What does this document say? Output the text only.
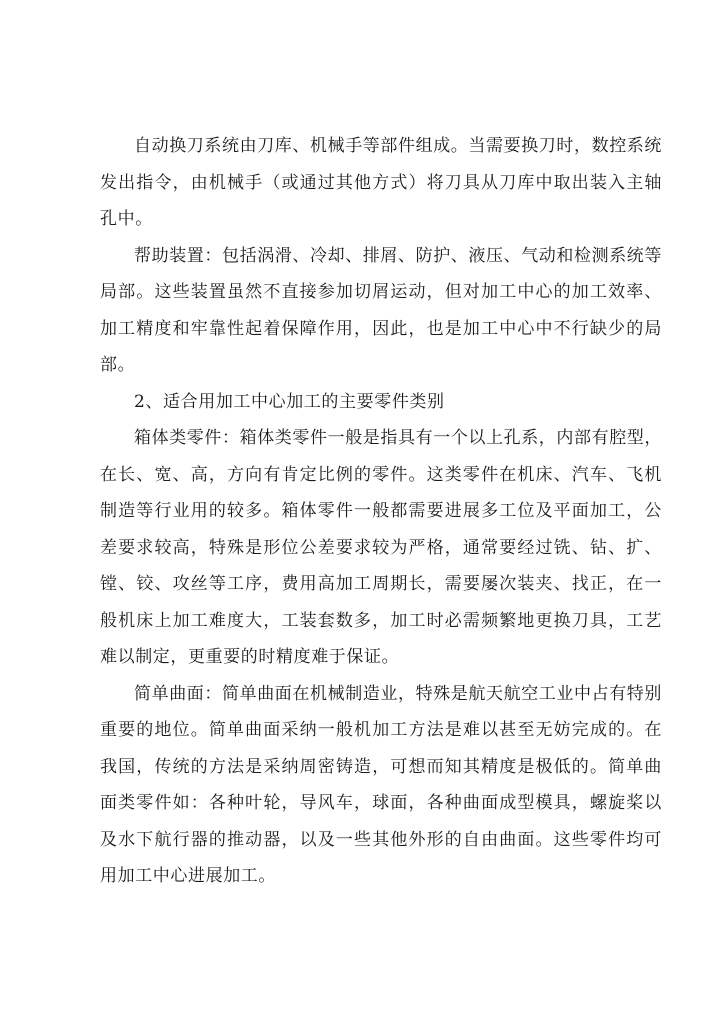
自动换刀系统由刀库、机械手等部件组成。当需要换刀时，数控系统发出指令，由机械手（或通过其他方式）将刀具从刀库中取出装入主轴孔中。

帮助装置：包括涡滑、冷却、排屑、防护、液压、气动和检测系统等局部。这些装置虽然不直接参加切屑运动，但对加工中心的加工效率、加工精度和牢靠性起着保障作用，因此，也是加工中心中不行缺少的局部。

2、适合用加工中心加工的主要零件类别

箱体类零件：箱体类零件一般是指具有一个以上孔系，内部有腔型，在长、宽、高，方向有肯定比例的零件。这类零件在机床、汽车、飞机制造等行业用的较多。箱体零件一般都需要进展多工位及平面加工，公差要求较高，特殊是形位公差要求较为严格，通常要经过铣、钻、扩、镗、铰、攻丝等工序，费用高加工周期长，需要屡次装夹、找正，在一般机床上加工难度大，工装套数多，加工时必需频繁地更换刀具，工艺难以制定，更重要的时精度难于保证。

简单曲面：简单曲面在机械制造业，特殊是航天航空工业中占有特别重要的地位。简单曲面采纳一般机加工方法是难以甚至无妨完成的。在我国，传统的方法是采纳周密铸造，可想而知其精度是极低的。简单曲面类零件如：各种叶轮，导风车，球面，各种曲面成型模具，螺旋桨以及水下航行器的推动器，以及一些其他外形的自由曲面。这些零件均可用加工中心进展加工。
